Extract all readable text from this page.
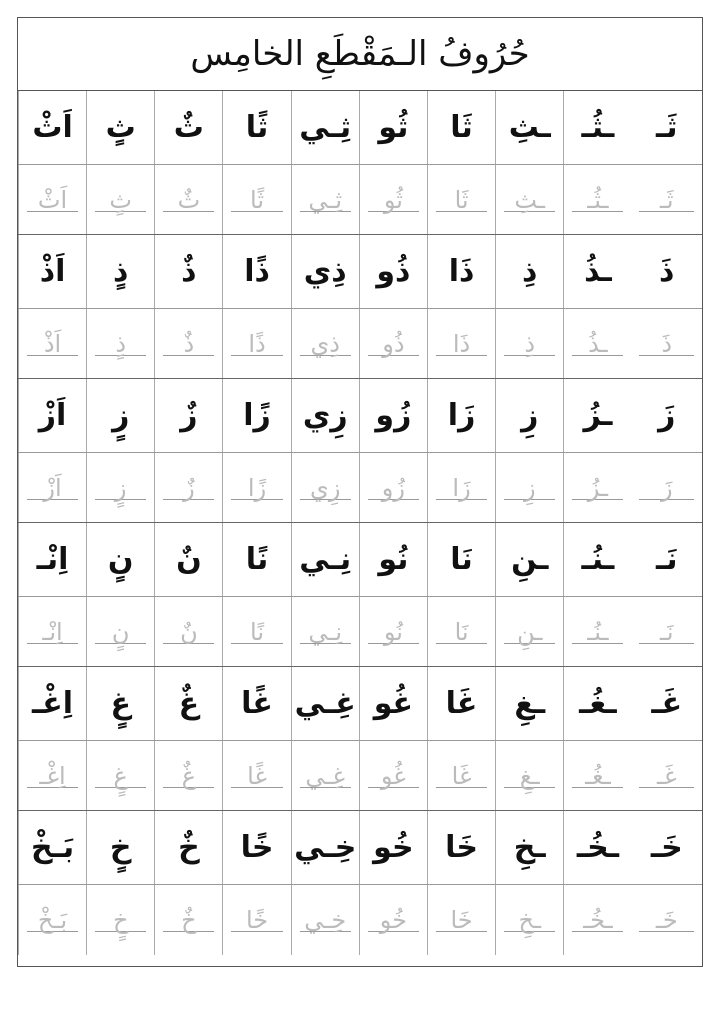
حُرُوفُ الـمَقْطَعِ الخامِس
ثَـ
ـثُـ
ـثِ
ثَا
ثُو
ثِـي
ثًا
ثٌ
ثٍ
اَثْ
ثَـ
ـثُـ
ـثِ
ثَا
ثُو
ثِـي
ثًا
ثٌ
ثٍ
اَثْ
ذَ
ـذُ
ذِ
ذَا
ذُو
ذِي
ذًا
ذٌ
ذٍ
اَذْ
ذَ
ـذُ
ذِ
ذَا
ذُو
ذِي
ذًا
ذٌ
ذٍ
اَذْ
زَ
ـزُ
زِ
زَا
زُو
زِي
زًا
زٌ
زٍ
اَزْ
زَ
ـزُ
زِ
زَا
زُو
زِي
زًا
زٌ
زٍ
اَزْ
نَـ
ـنُـ
ـنِ
نَا
نُو
نِـي
نًا
نٌ
نٍ
اِنْـ
نَـ
ـنُـ
ـنِ
نَا
نُو
نِـي
نًا
نٌ
نٍ
اِنْـ
غَـ
ـغُـ
ـغِ
غَا
غُو
غِـي
غًا
غٌ
غٍ
اِغْـ
غَـ
ـغُـ
ـغِ
غَا
غُو
غِـي
غًا
غٌ
غٍ
اِغْـ
خَـ
ـخُـ
ـخِ
خَا
خُو
خِـي
خًا
خٌ
خٍ
بَـخْ
خَـ
ـخُـ
ـخِ
خَا
خُو
خِـي
خًا
خٌ
خٍ
بَـخْ
